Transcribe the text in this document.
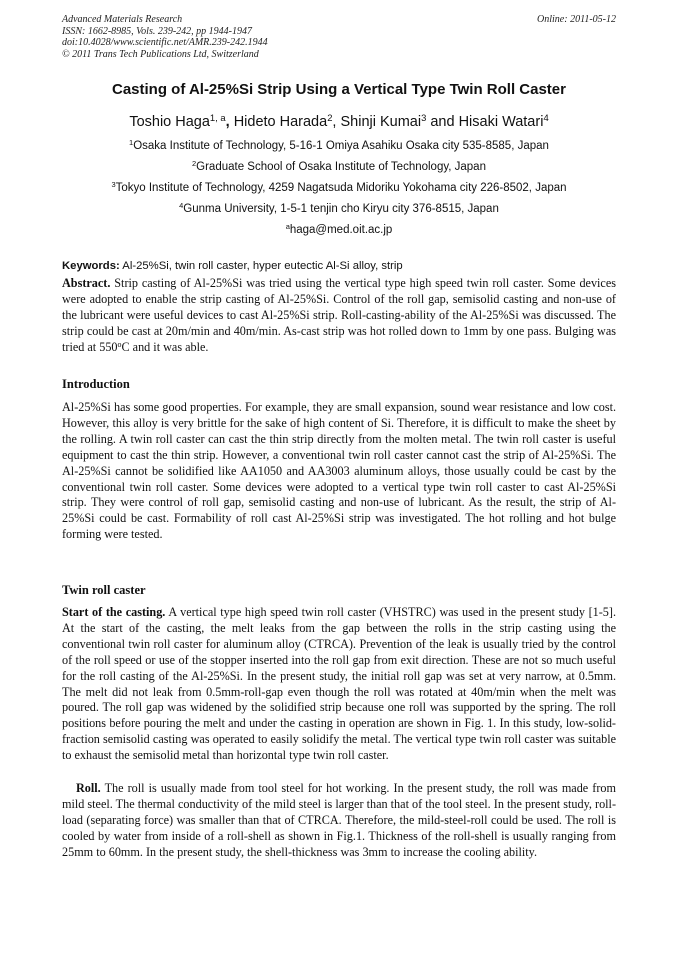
Advanced Materials Research
ISSN: 1662-8985, Vols. 239-242, pp 1944-1947
doi:10.4028/www.scientific.net/AMR.239-242.1944
© 2011 Trans Tech Publications Ltd, Switzerland
Online: 2011-05-12
Casting of Al-25%Si Strip Using a Vertical Type Twin Roll Caster
Toshio Haga$^{1, a}$, Hideto Harada$^2$, Shinji Kumai$^3$ and Hisaki Watari$^4$
$^1$Osaka Institute of Technology, 5-16-1 Omiya Asahiku Osaka city 535-8585, Japan
$^2$Graduate School of Osaka Institute of Technology, Japan
$^3$Tokyo Institute of Technology, 4259 Nagatsuda Midoriku Yokohama city 226-8502, Japan
$^4$Gunma University, 1-5-1 tenjin cho Kiryu city 376-8515, Japan
$^a$haga@med.oit.ac.jp
Keywords: Al-25%Si, twin roll caster, hyper eutectic Al-Si alloy, strip
Abstract. Strip casting of Al-25%Si was tried using the vertical type high speed twin roll caster. Some devices were adopted to enable the strip casting of Al-25%Si. Control of the roll gap, semisolid casting and non-use of the lubricant were useful devices to cast Al-25%Si strip. Roll-casting-ability of the Al-25%Si was discussed. The strip could be cast at 20m/min and 40m/min. As-cast strip was hot rolled down to 1mm by one pass. Bulging was tried at 550$^o$C and it was able.
Introduction
Al-25%Si has some good properties. For example, they are small expansion, sound wear resistance and low cost. However, this alloy is very brittle for the sake of high content of Si. Therefore, it is difficult to make the sheet by the rolling. A twin roll caster can cast the thin strip directly from the molten metal. The twin roll caster is useful equipment to cast the thin strip. However, a conventional twin roll caster cannot cast the strip of Al-25%Si. The Al-25%Si cannot be solidified like AA1050 and AA3003 aluminum alloys, those usually could be cast by the conventional twin roll caster. Some devices were adopted to a vertical type twin roll caster to cast Al-25%Si strip. They were control of roll gap, semisolid casting and non-use of lubricant. As the result, the strip of Al-25%Si could be cast. Formability of roll cast Al-25%Si strip was investigated. The hot rolling and hot bulge forming were tested.
Twin roll caster
Start of the casting. A vertical type high speed twin roll caster (VHSTRC) was used in the present study [1-5]. At the start of the casting, the melt leaks from the gap between the rolls in the strip casting using the conventional twin roll caster for aluminum alloy (CTRCA). Prevention of the leak is usually tried by the control of the roll speed or use of the stopper inserted into the roll gap from exit direction. These are not so much useful for the roll casting of the Al-25%Si. In the present study, the initial roll gap was set at very narrow, at 0.5mm. The melt did not leak from 0.5mm-roll-gap even though the roll was rotated at 40m/min when the melt was poured. The roll gap was widened by the solidified strip because one roll was supported by the spring. The roll positions before pouring the melt and under the casting in operation are shown in Fig. 1. In this study, low-solid-fraction semisolid casting was operated to easily solidify the metal. The vertical type twin roll caster was suitable to exhaust the semisolid metal than horizontal type twin roll caster.
Roll. The roll is usually made from tool steel for hot working. In the present study, the roll was made from mild steel. The thermal conductivity of the mild steel is larger than that of the tool steel. In the present study, roll-load (separating force) was smaller than that of CTRCA. Therefore, the mild-steel-roll could be used. The roll is cooled by water from inside of a roll-shell as shown in Fig.1. Thickness of the roll-shell is usually ranging from 25mm to 60mm. In the present study, the shell-thickness was 3mm to increase the cooling ability.
